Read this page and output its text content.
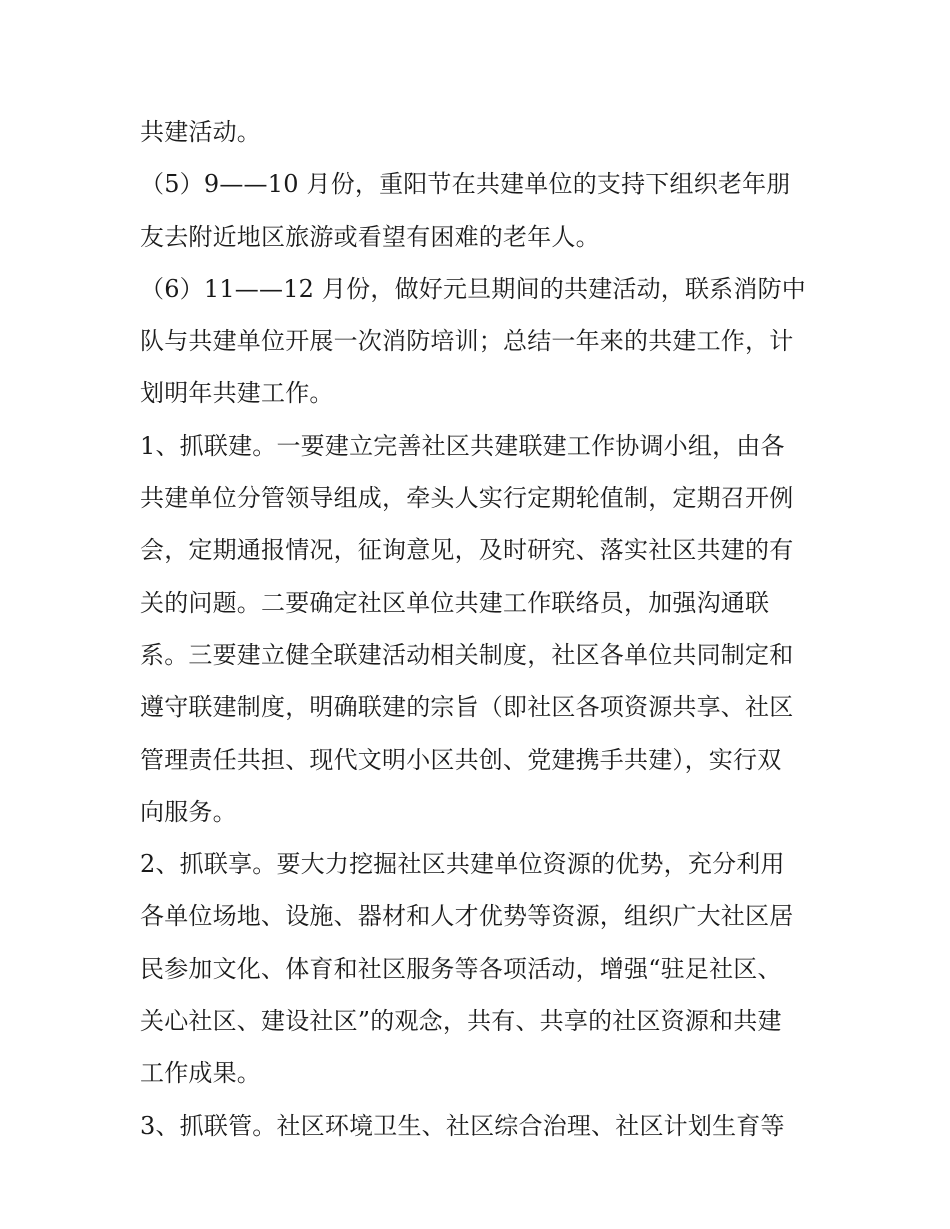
共建活动。
（5）9——10 月份，重阳节在共建单位的支持下组织老年朋
友去附近地区旅游或看望有困难的老年人。
（6）11——12 月份，做好元旦期间的共建活动，联系消防中
队与共建单位开展一次消防培训；总结一年来的共建工作，计
划明年共建工作。
1、抓联建。一要建立完善社区共建联建工作协调小组，由各
共建单位分管领导组成，牵头人实行定期轮值制，定期召开例
会，定期通报情况，征询意见，及时研究、落实社区共建的有
关的问题。二要确定社区单位共建工作联络员，加强沟通联
系。三要建立健全联建活动相关制度，社区各单位共同制定和
遵守联建制度，明确联建的宗旨（即社区各项资源共享、社区
管理责任共担、现代文明小区共创、党建携手共建），实行双
向服务。
2、抓联享。要大力挖掘社区共建单位资源的优势，充分利用
各单位场地、设施、器材和人才优势等资源，组织广大社区居
民参加文化、体育和社区服务等各项活动，增强“驻足社区、
关心社区、建设社区”的观念，共有、共享的社区资源和共建
工作成果。
3、抓联管。社区环境卫生、社区综合治理、社区计划生育等
